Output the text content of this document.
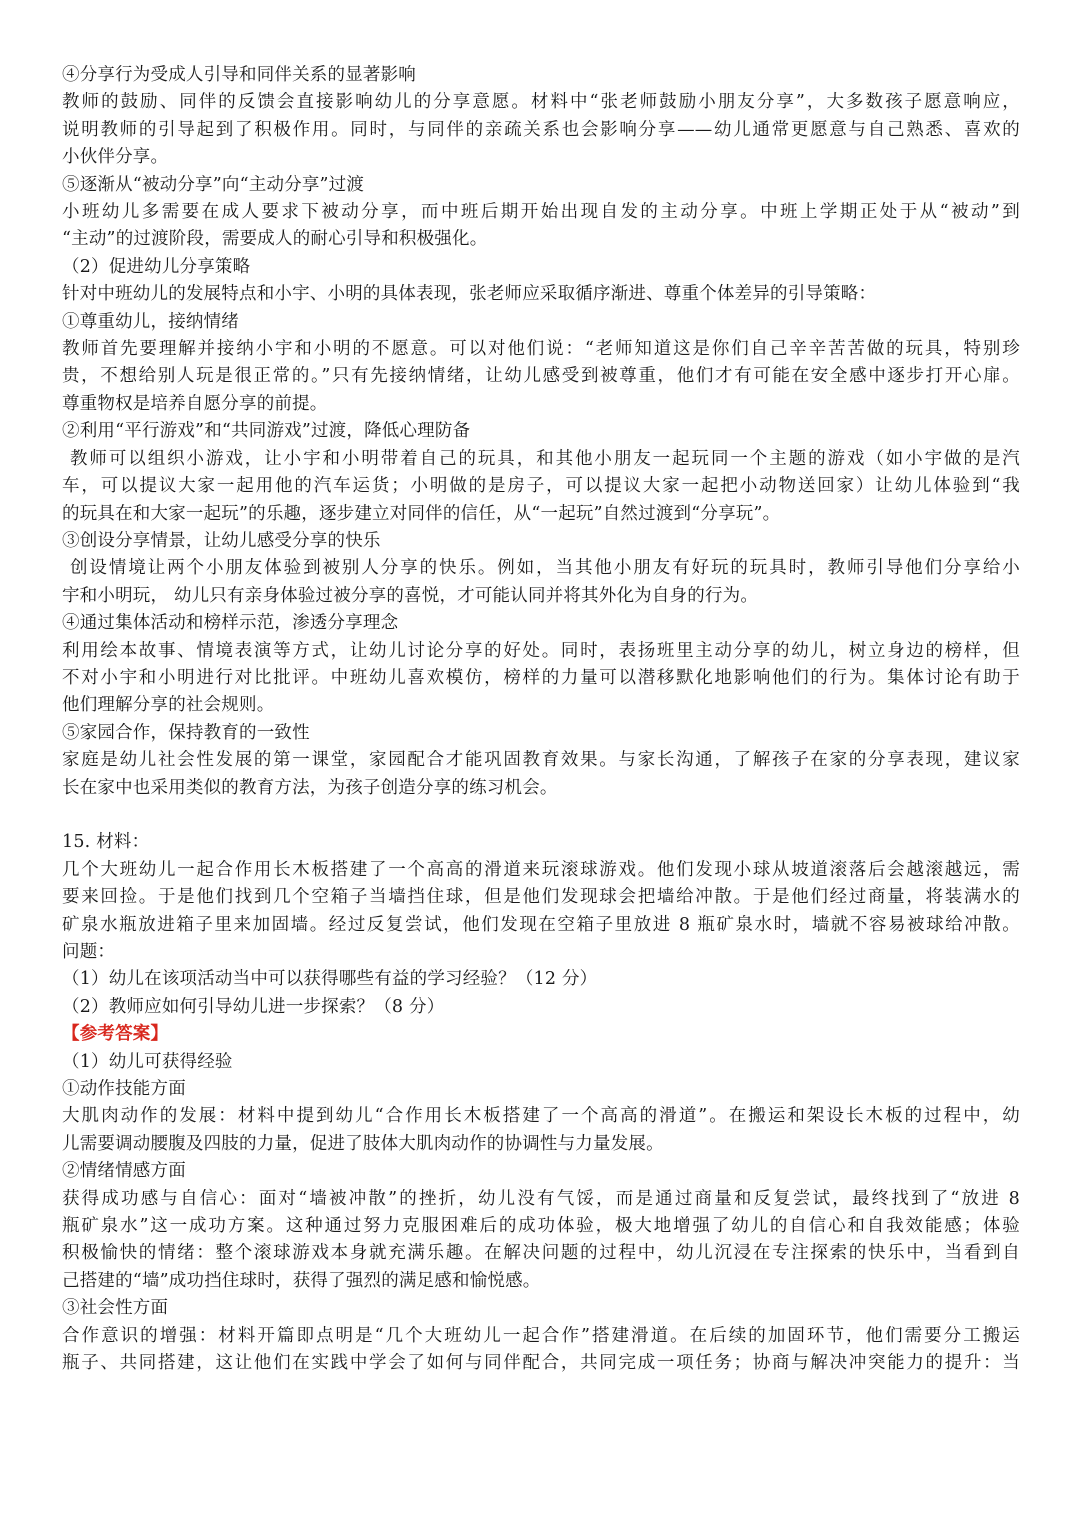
④分享行为受成人引导和同伴关系的显著影响

教师的鼓励、同伴的反馈会直接影响幼儿的分享意愿。材料中“张老师鼓励小朋友分享”，大多数孩子愿意响应，

说明教师的引导起到了积极作用。同时，与同伴的亲疏关系也会影响分享——幼儿通常更愿意与自己熟悉、喜欢的

小伙伴分享。

⑤逐渐从“被动分享”向“主动分享”过渡

小班幼儿多需要在成人要求下被动分享，而中班后期开始出现自发的主动分享。中班上学期正处于从“被动”到

“主动”的过渡阶段，需要成人的耐心引导和积极强化。

（2）促进幼儿分享策略

针对中班幼儿的发展特点和小宇、小明的具体表现，张老师应采取循序渐进、尊重个体差异的引导策略：

①尊重幼儿，接纳情绪

教师首先要理解并接纳小宇和小明的不愿意。可以对他们说：“老师知道这是你们自己辛辛苦苦做的玩具，特别珍

贵，不想给别人玩是很正常的。”只有先接纳情绪，让幼儿感受到被尊重，他们才有可能在安全感中逐步打开心扉。

尊重物权是培养自愿分享的前提。

②利用“平行游戏”和“共同游戏”过渡，降低心理防备

教师可以组织小游戏，让小宇和小明带着自己的玩具，和其他小朋友一起玩同一个主题的游戏（如小宇做的是汽

车，可以提议大家一起用他的汽车运货；小明做的是房子，可以提议大家一起把小动物送回家）让幼儿体验到“我

的玩具在和大家一起玩”的乐趣，逐步建立对同伴的信任，从“一起玩”自然过渡到“分享玩”。

③创设分享情景，让幼儿感受分享的快乐

创设情境让两个小朋友体验到被别人分享的快乐。例如，当其他小朋友有好玩的玩具时，教师引导他们分享给小

宇和小明玩， 幼儿只有亲身体验过被分享的喜悦，才可能认同并将其外化为自身的行为。

④通过集体活动和榜样示范，渗透分享理念

利用绘本故事、情境表演等方式，让幼儿讨论分享的好处。同时，表扬班里主动分享的幼儿，树立身边的榜样，但

不对小宇和小明进行对比批评。中班幼儿喜欢模仿，榜样的力量可以潜移默化地影响他们的行为。集体讨论有助于

他们理解分享的社会规则。

⑤家园合作，保持教育的一致性

家庭是幼儿社会性发展的第一课堂，家园配合才能巩固教育效果。与家长沟通，了解孩子在家的分享表现，建议家

长在家中也采用类似的教育方法，为孩子创造分享的练习机会。

15. 材料：

几个大班幼儿一起合作用长木板搭建了一个高高的滑道来玩滚球游戏。他们发现小球从坡道滚落后会越滚越远，需

要来回捡。于是他们找到几个空箱子当墙挡住球，但是他们发现球会把墙给冲散。于是他们经过商量，将装满水的

矿泉水瓶放进箱子里来加固墙。经过反复尝试，他们发现在空箱子里放进 8 瓶矿泉水时，墙就不容易被球给冲散。

问题：

（1）幼儿在该项活动当中可以获得哪些有益的学习经验？（12 分）

（2）教师应如何引导幼儿进一步探索？（8 分）

【参考答案】

（1）幼儿可获得经验

①动作技能方面

大肌肉动作的发展：材料中提到幼儿“合作用长木板搭建了一个高高的滑道”。在搬运和架设长木板的过程中，幼

儿需要调动腰腹及四肢的力量，促进了肢体大肌肉动作的协调性与力量发展。

②情绪情感方面

获得成功感与自信心：面对“墙被冲散”的挫折，幼儿没有气馁，而是通过商量和反复尝试，最终找到了“放进 8

瓶矿泉水”这一成功方案。这种通过努力克服困难后的成功体验，极大地增强了幼儿的自信心和自我效能感；体验

积极愉快的情绪：整个滚球游戏本身就充满乐趣。在解决问题的过程中，幼儿沉浸在专注探索的快乐中，当看到自

己搭建的“墙”成功挡住球时，获得了强烈的满足感和愉悦感。

③社会性方面

合作意识的增强：材料开篇即点明是“几个大班幼儿一起合作”搭建滑道。在后续的加固环节，他们需要分工搬运

瓶子、共同搭建，这让他们在实践中学会了如何与同伴配合，共同完成一项任务；协商与解决冲突能力的提升：当
